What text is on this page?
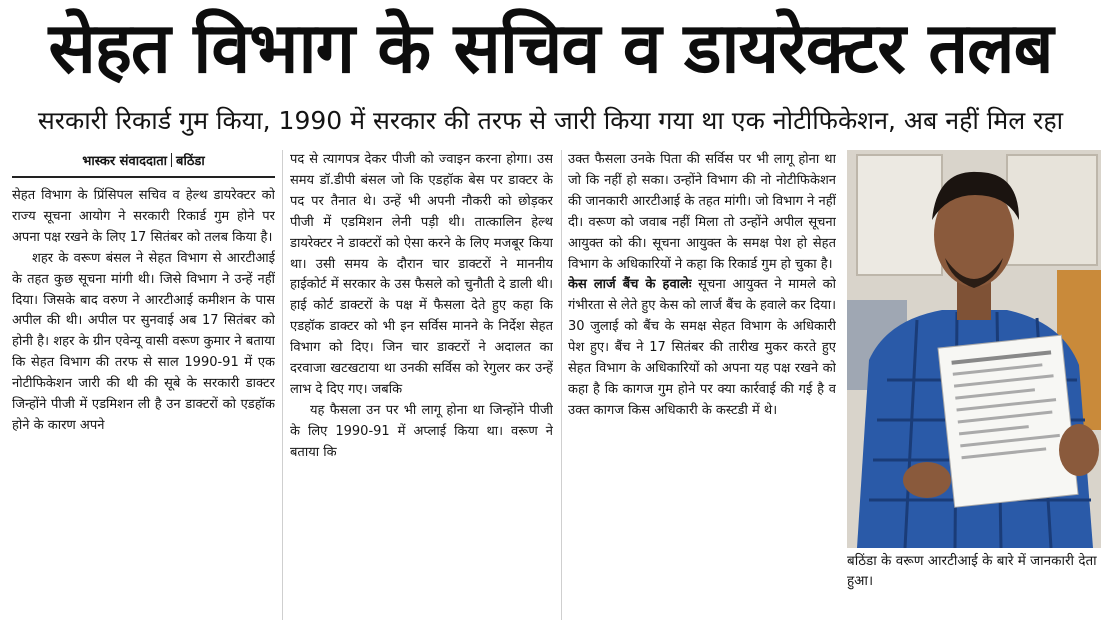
सेहत विभाग के सचिव व डायरेक्टर तलब
सरकारी रिकार्ड गुम किया, 1990 में सरकार की तरफ से जारी किया गया था एक नोटीफिकेशन, अब नहीं मिल रहा
भास्कर संवाददाता बठिंडा

सेहत विभाग के प्रिंसिपल सचिव व हेल्थ डायरेक्टर को राज्य सूचना आयोग ने सरकारी रिकार्ड गुम होने पर अपना पक्ष रखने के लिए 17 सितंबर को तलब किया है।

शहर के वरूण बंसल ने सेहत विभाग से आरटीआई के तहत कुछ सूचना मांगी थी। जिसे विभाग ने उन्हें नहीं दिया। जिसके बाद वरुण ने आरटीआई कमीशन के पास अपील की थी। अपील पर सुनवाई अब 17 सितंबर को होनी है। शहर के ग्रीन एवेन्यू वासी वरूण कुमार ने बताया कि सेहत विभाग की तरफ से साल 1990-91 में एक नोटीफिकेशन जारी की थी की सूबे के सरकारी डाक्टर जिन्होंने पीजी में एडमिशन ली है उन डाक्टरों को एडहॉक होने के कारण अपने

पद से त्यागपत्र देकर पीजी को ज्वाइन करना होगा। उस समय डॉ.डीपी बंसल जो कि एडहॉक बेस पर डाक्टर के पद पर तैनात थे। उन्हें भी अपनी नौकरी को छोड़कर पीजी में एडमिशन लेनी पड़ी थी। तात्कालिन हेल्थ डायरेक्टर ने डाक्टरों को ऐसा करने के लिए मजबूर किया था। उसी समय के दौरान चार डाक्टरों ने माननीय हाईकोर्ट में सरकार के उस फैसले को चुनौती दे डाली थी। हाई कोर्ट डाक्टरों के पक्ष में फैसला देते हुए कहा कि एडहॉक डाक्टर को भी इन सर्विस मानने के निर्देश सेहत विभाग को दिए। जिन चार डाक्टरों ने अदालत का दरवाजा खटखटाया था उनकी सर्विस को रेगुलर कर उन्हें लाभ दे दिए गए। जबकि

यह फैसला उन पर भी लागू होना था जिन्होंने पीजी के लिए 1990-91 में अप्लाई किया था। वरूण ने बताया कि

उक्त फैसला उनके पिता की सर्विस पर भी लागू होना था जो कि नहीं हो सका। उन्होंने विभाग की नो नोटीफिकेशन की जानकारी आरटीआई के तहत मांगी। जो विभाग ने नहीं दी। वरूण को जवाब नहीं मिला तो उन्होंने अपील सूचना आयुक्त को की। सूचना आयुक्त के समक्ष पेश हो सेहत विभाग के अधिकारियों ने कहा कि रिकार्ड गुम हो चुका है।

केस लार्ज बैंच के हवालेः सूचना आयुक्त ने मामले को गंभीरता से लेते हुए केस को लार्ज बैंच के हवाले कर दिया। 30 जुलाई को बैंच के समक्ष सेहत विभाग के अधिकारी पेश हुए। बैंच ने 17 सितंबर की तारीख मुकर करते हुए सेहत विभाग के अधिकारियों को अपना यह पक्ष रखने को कहा है कि कागज गुम होने पर क्या कार्रवाई की गई है व उक्त कागज किस अधिकारी के कस्टडी में थे।

बठिंडा के वरूण आरटीआई के बारे में जानकारी देता हुआ।
